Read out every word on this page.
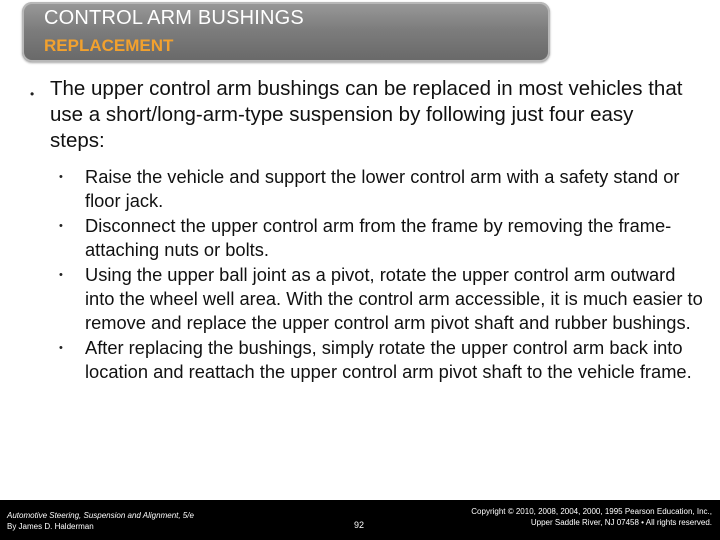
CONTROL ARM BUSHINGS
REPLACEMENT
• The upper control arm bushings can be replaced in most vehicles that use a short/long-arm-type suspension by following just four easy steps:

• Raise the vehicle and support the lower control arm with a safety stand or floor jack.
• Disconnect the upper control arm from the frame by removing the frame-attaching nuts or bolts.
• Using the upper ball joint as a pivot, rotate the upper control arm outward into the wheel well area. With the control arm accessible, it is much easier to remove and replace the upper control arm pivot shaft and rubber bushings.
• After replacing the bushings, simply rotate the upper control arm back into location and reattach the upper control arm pivot shaft to the vehicle frame.
Automotive Steering, Suspension and Alignment, 5/e
By James D. Halderman	92
Copyright © 2010, 2008, 2004, 2000, 1995 Pearson Education, Inc.,
Upper Saddle River, NJ 07458 • All rights reserved.
